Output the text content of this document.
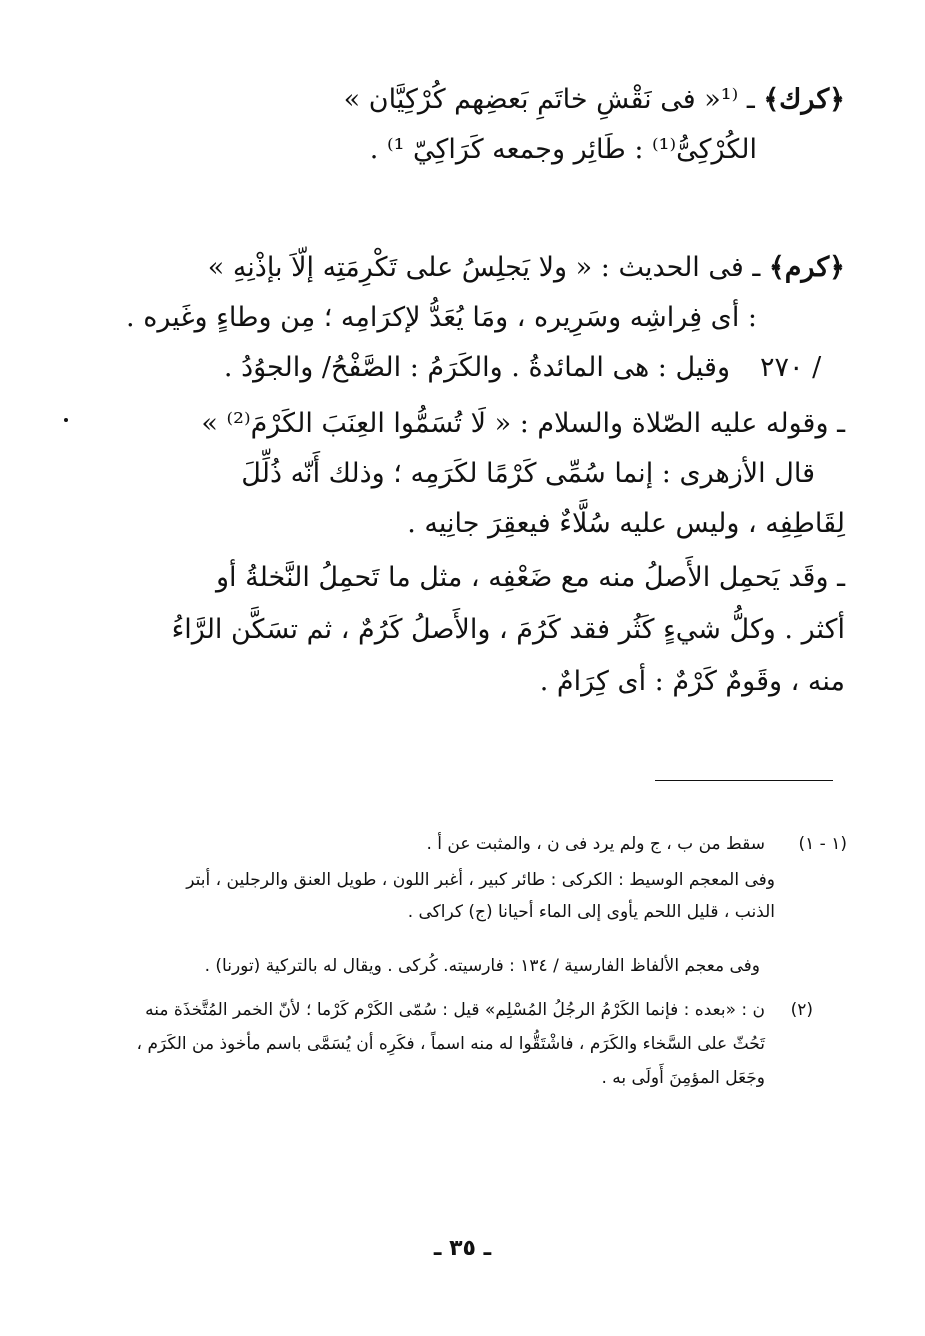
﴿كرك﴾ ـ ⁽¹« فى نَقْشِ خاتَمِ بَعضِهم كُرْكِيَّان »
الكُرْكِىُّ⁽¹⁾ : طَائِر وجمعه كَرَاكِيّ ¹⁾ .
﴿كرم﴾ ـ فى الحديث : « ولا يَجلِسُ على تَكْرِمَتِه إلّاَ بإذْنِهِ »
: أى فِراشِه وسَرِيره ، ومَا يُعَدُّ لإكرَامِه ؛ مِن وطاءٍ وغَيره .
وقيل : هى المائدةُ . والكَرَمُ : الصَّفْحُ/ والجوُدُ . ٢٧٠ /
ـ وقوله عليه الصّلاة والسلام : « لَا تُسَمُّوا العِنَبَ الكَرْمَ⁽²⁾ »
قال الأزهرى : إنما سُمِّى كَرْمًا لكَرَمِه ؛ وذلك أَنّه ذُلِّلَ
لِقَاطِفِه ، وليس عليه سُلَّاءٌ فيعقِرَ جانِيه .
ـ وقَد يَحمِل الأَصلُ منه مع ضَعْفِه ، مثل ما تَحمِلُ النَّخلةُ أو
أكثر . وكلُّ شيءٍ كَثُر فقد كَرُمَ ، والأَصلُ كَرُمٌ ، ثم تسَكَّن الرَّاءُ
منه ، وقَومٌ كَرْمٌ : أى كِرَامٌ .
(١ - ١)
سقط من ب ، ج ولم يرد فى ن ، والمثبت عن أ .
وفى المعجم الوسيط : الكركى : طائر كبير ، أغبر اللون ، طويل العنق والرجلين ، أبتر
الذنب ، قليل اللحم يأوى إلى الماء أحيانا (ج) كراكى .
وفى معجم الألفاظ الفارسية / ١٣٤ : فارسيته. كُركى . ويقال له بالتركية (تورنا) .
(٢)
ن : «بعده : فإنما الكَرْمُ الرجُلُ المُسْلِم» قيل : سُمّى الكَرْم كَرْما ؛ لأنّ الخمر المُتَّخذَة منه
تَحُثّ على السَّخاء والكَرَم ، فاشْتَقُّوا له منه اسماً ، فكَرِه أن يُسَمَّى باسم مأخوذ من الكَرَم ،
وجَعَل المؤمِنَ أَولَى به .
ـ ٣٥ ـ
